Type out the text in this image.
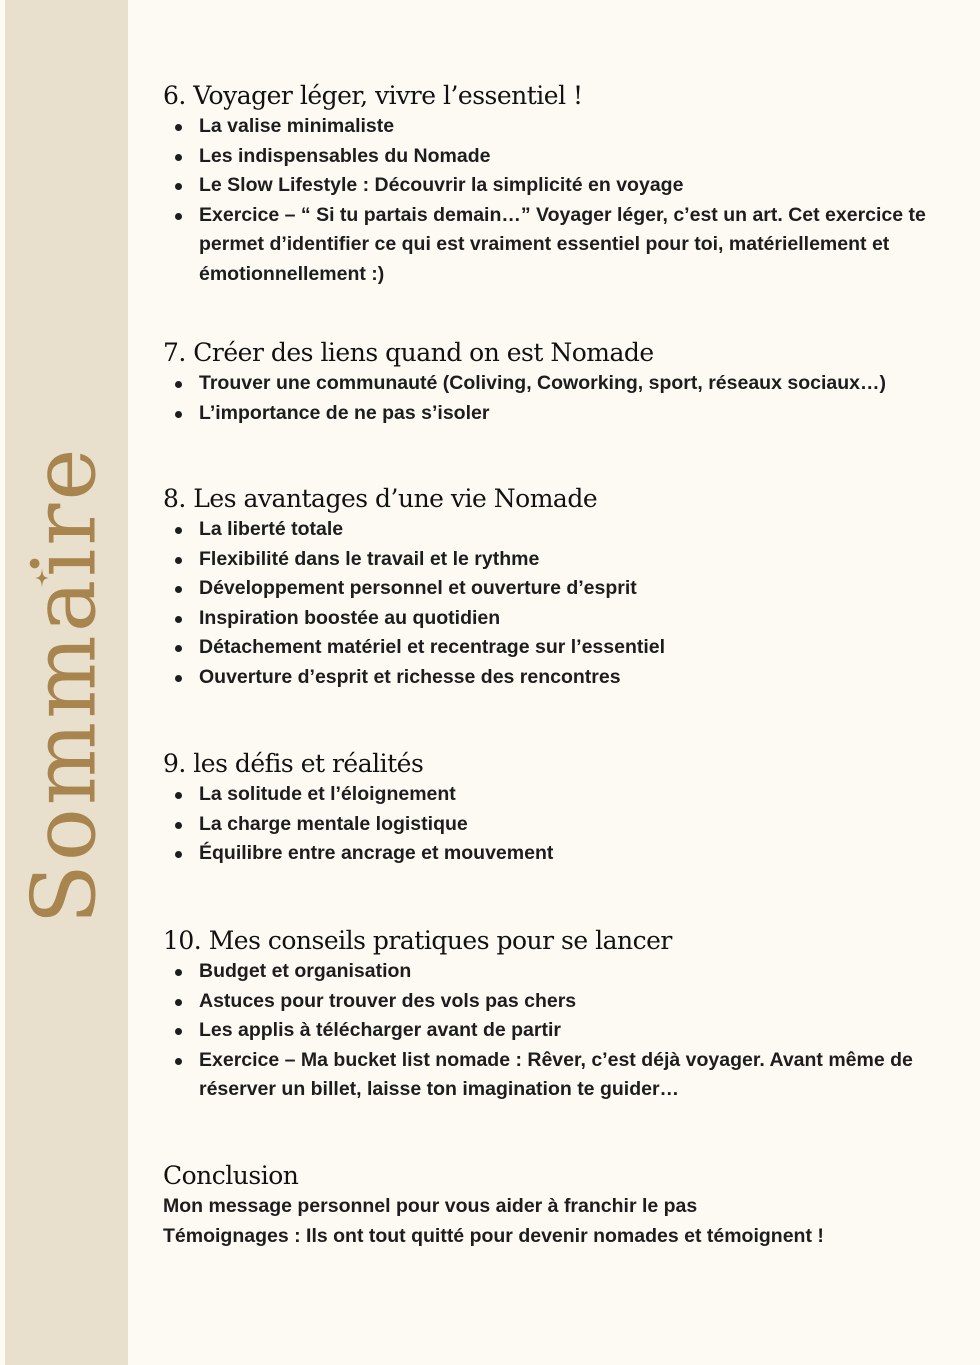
Sommaire
6. Voyager léger, vivre l’essentiel !
La valise minimaliste
Les indispensables du Nomade
Le Slow Lifestyle : Découvrir la simplicité en voyage
Exercice – “ Si tu partais demain…” Voyager léger, c’est un art. Cet exercice te permet d’identifier ce qui est vraiment essentiel pour toi, matériellement et émotionnellement :)
7. Créer des liens quand on est Nomade
Trouver une communauté (Coliving, Coworking, sport, réseaux sociaux…)
L’importance de ne pas s’isoler
8. Les avantages d’une vie Nomade
La liberté totale
Flexibilité dans le travail et le rythme
Développement personnel et ouverture d’esprit
Inspiration boostée au quotidien
Détachement matériel et recentrage sur l’essentiel
Ouverture d’esprit et richesse des rencontres
9. les défis et réalités
La solitude et l’éloignement
La charge mentale logistique
Équilibre entre ancrage et mouvement
10. Mes conseils pratiques pour se lancer
Budget et organisation
Astuces pour trouver des vols pas chers
Les applis à télécharger avant de partir
Exercice – Ma bucket list nomade : Rêver, c’est déjà voyager. Avant même de réserver un billet, laisse ton imagination te guider…
Conclusion
Mon message personnel pour vous aider à franchir le pas
Témoignages : Ils ont tout quitté pour devenir nomades et témoignent !
